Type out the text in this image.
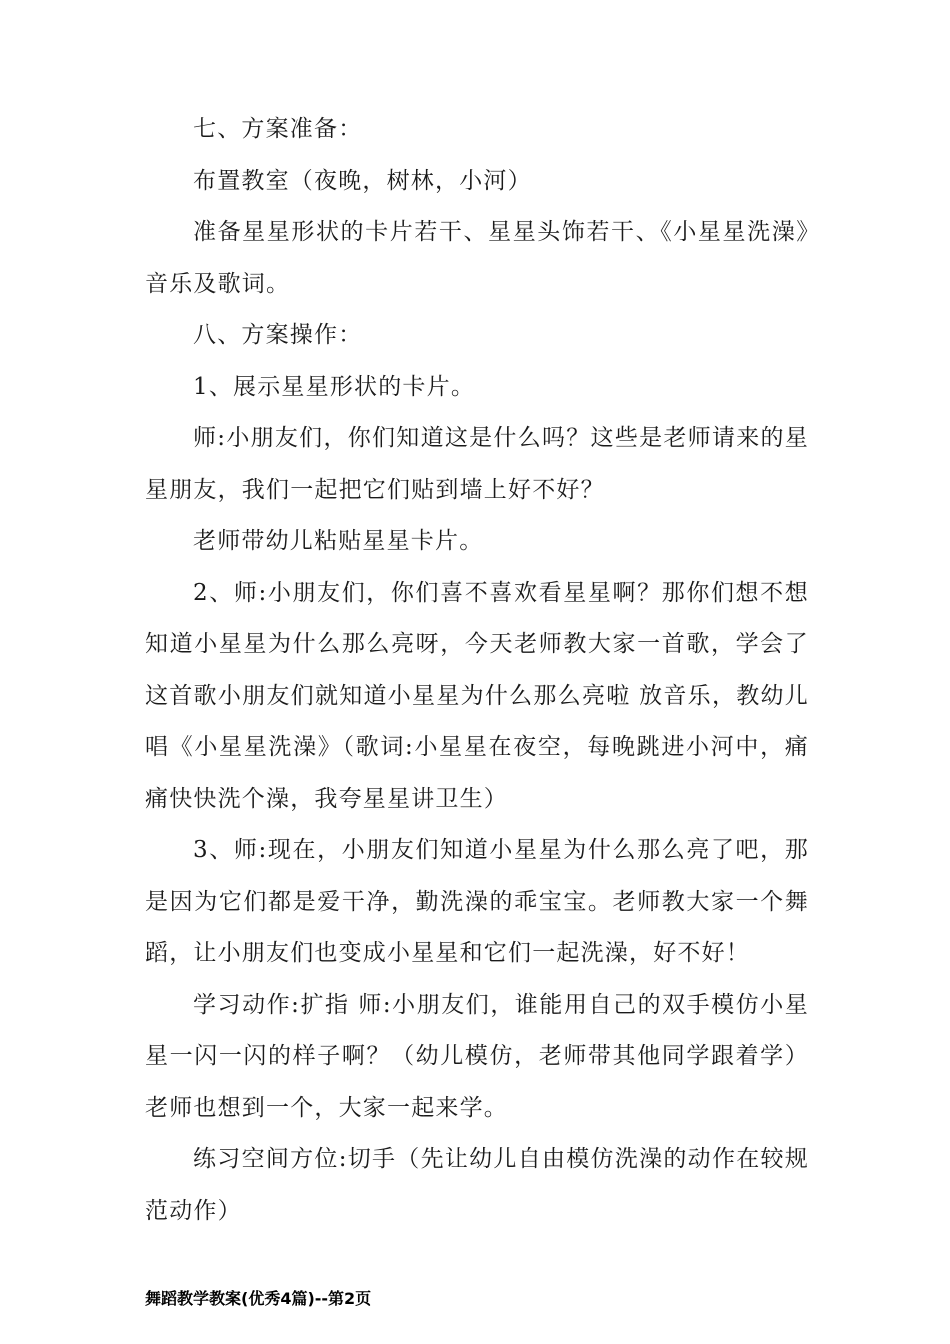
七、方案准备：

布置教室（夜晚，树林，小河）

准备星星形状的卡片若干、星星头饰若干、《小星星洗澡》音乐及歌词。

八、方案操作：

1、展示星星形状的卡片。

师:小朋友们，你们知道这是什么吗？这些是老师请来的星星朋友，我们一起把它们贴到墙上好不好？

老师带幼儿粘贴星星卡片。

2、师:小朋友们，你们喜不喜欢看星星啊？那你们想不想知道小星星为什么那么亮呀，今天老师教大家一首歌，学会了这首歌小朋友们就知道小星星为什么那么亮啦 放音乐，教幼儿唱《小星星洗澡》（歌词:小星星在夜空，每晚跳进小河中，痛痛快快洗个澡，我夸星星讲卫生）

3、师:现在，小朋友们知道小星星为什么那么亮了吧，那是因为它们都是爱干净，勤洗澡的乖宝宝。老师教大家一个舞蹈，让小朋友们也变成小星星和它们一起洗澡，好不好！

学习动作:扩指 师:小朋友们，谁能用自己的双手模仿小星星一闪一闪的样子啊？（幼儿模仿，老师带其他同学跟着学）老师也想到一个，大家一起来学。

练习空间方位:切手（先让幼儿自由模仿洗澡的动作在较规范动作）

舞蹈教学教案(优秀4篇)--第2页
